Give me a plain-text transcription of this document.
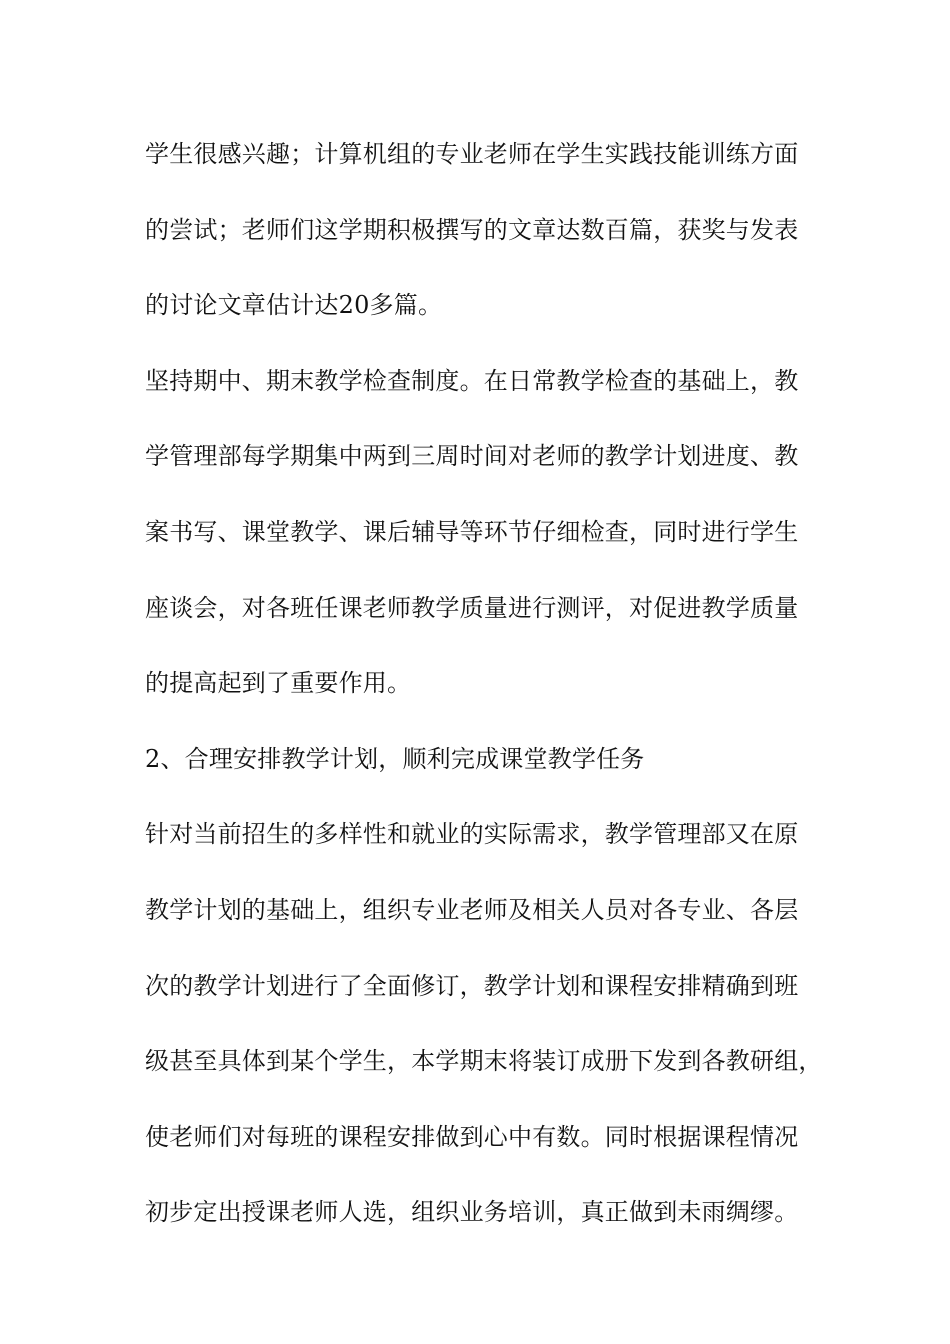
学生很感兴趣；计算机组的专业老师在学生实践技能训练方面
的尝试；老师们这学期积极撰写的文章达数百篇，获奖与发表
的讨论文章估计达20多篇。
坚持期中、期末教学检查制度。在日常教学检查的基础上，教
学管理部每学期集中两到三周时间对老师的教学计划进度、教
案书写、课堂教学、课后辅导等环节仔细检查，同时进行学生
座谈会，对各班任课老师教学质量进行测评，对促进教学质量
的提高起到了重要作用。
2、合理安排教学计划，顺利完成课堂教学任务
针对当前招生的多样性和就业的实际需求，教学管理部又在原
教学计划的基础上，组织专业老师及相关人员对各专业、各层
次的教学计划进行了全面修订，教学计划和课程安排精确到班
级甚至具体到某个学生，本学期末将装订成册下发到各教研组，
使老师们对每班的课程安排做到心中有数。同时根据课程情况
初步定出授课老师人选，组织业务培训，真正做到未雨绸缪。
